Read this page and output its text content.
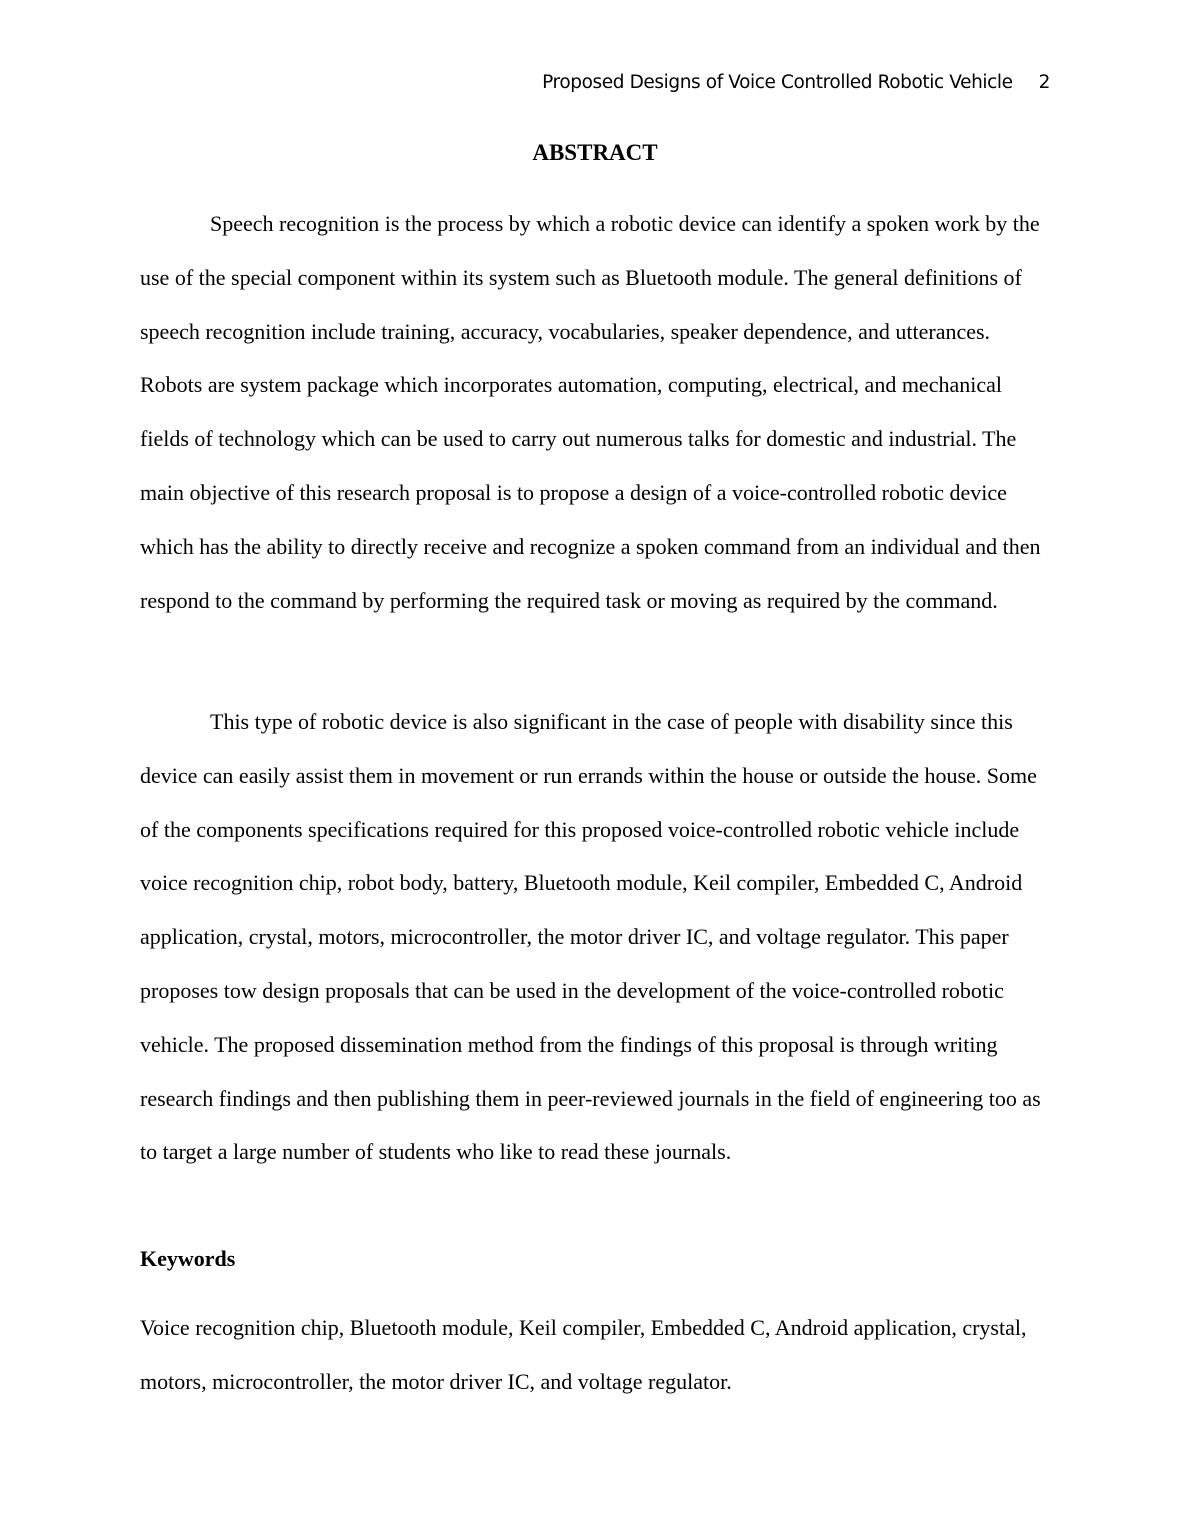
Proposed Designs of Voice Controlled Robotic Vehicle 2
ABSTRACT

Speech recognition is the process by which a robotic device can identify a spoken work by the use of the special component within its system such as Bluetooth module. The general definitions of speech recognition include training, accuracy, vocabularies, speaker dependence, and utterances. Robots are system package which incorporates automation, computing, electrical, and mechanical fields of technology which can be used to carry out numerous talks for domestic and industrial. The main objective of this research proposal is to propose a design of a voice-controlled robotic device which has the ability to directly receive and recognize a spoken command from an individual and then respond to the command by performing the required task or moving as required by the command.

This type of robotic device is also significant in the case of people with disability since this device can easily assist them in movement or run errands within the house or outside the house. Some of the components specifications required for this proposed voice-controlled robotic vehicle include voice recognition chip, robot body, battery, Bluetooth module, Keil compiler, Embedded C, Android application, crystal, motors, microcontroller, the motor driver IC, and voltage regulator. This paper proposes tow design proposals that can be used in the development of the voice-controlled robotic vehicle. The proposed dissemination method from the findings of this proposal is through writing research findings and then publishing them in peer-reviewed journals in the field of engineering too as to target a large number of students who like to read these journals.

Keywords

Voice recognition chip, Bluetooth module, Keil compiler, Embedded C, Android application, crystal, motors, microcontroller, the motor driver IC, and voltage regulator.
